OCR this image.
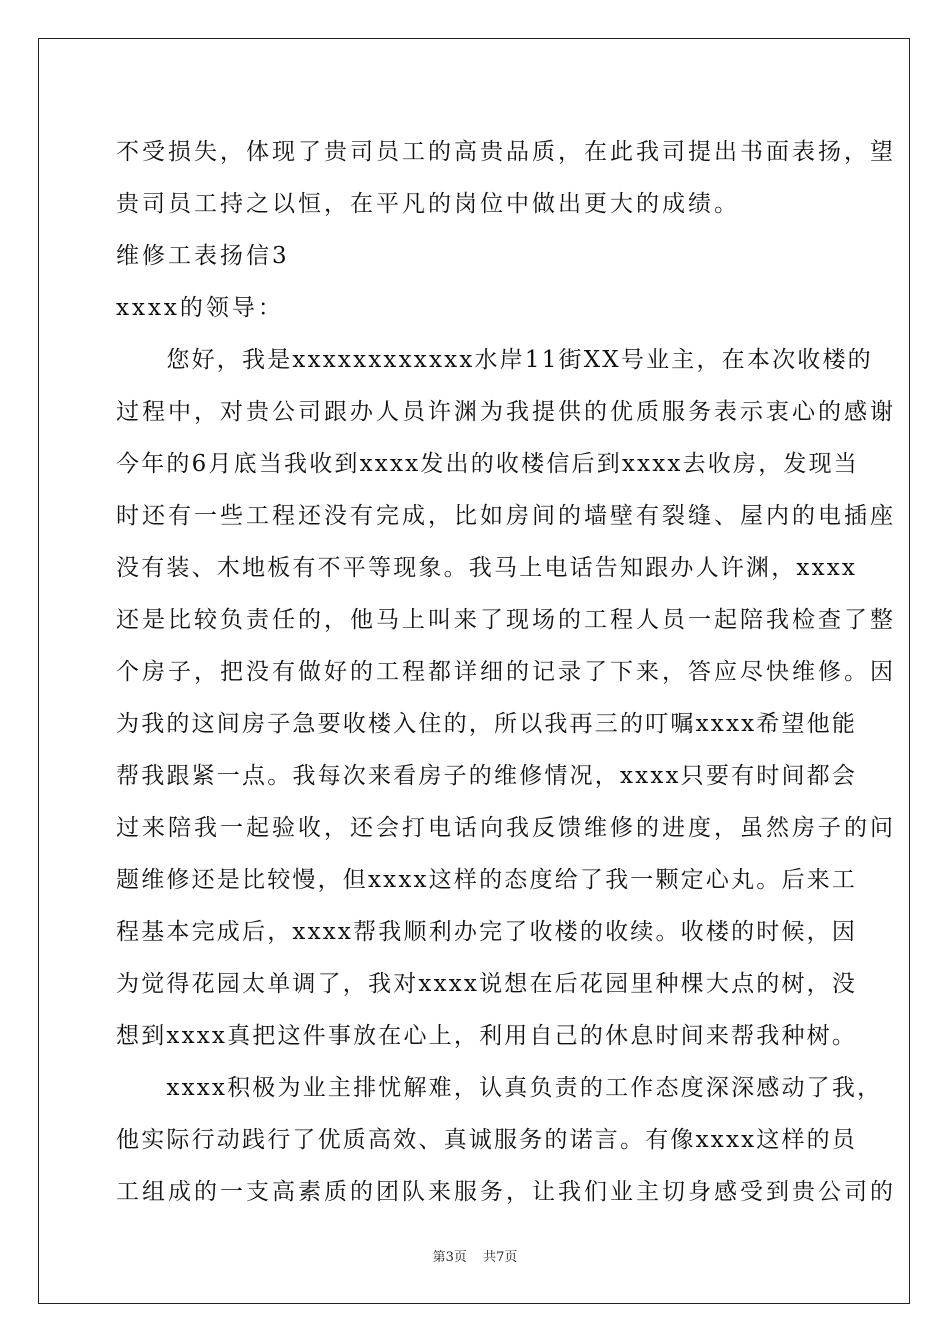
不受损失，体现了贵司员工的高贵品质，在此我司提出书面表扬，望
贵司员工持之以恒，在平凡的岗位中做出更大的成绩。
维修工表扬信3
xxxx的领导：
　　您好，我是xxxxxxxxxxxx水岸11街XX号业主，在本次收楼的
过程中，对贵公司跟办人员许渊为我提供的优质服务表示衷心的感谢
今年的6月底当我收到xxxx发出的收楼信后到xxxx去收房，发现当
时还有一些工程还没有完成，比如房间的墙壁有裂缝、屋内的电插座
没有装、木地板有不平等现象。我马上电话告知跟办人许渊，xxxx
还是比较负责任的，他马上叫来了现场的工程人员一起陪我检查了整
个房子，把没有做好的工程都详细的记录了下来，答应尽快维修。因
为我的这间房子急要收楼入住的，所以我再三的叮嘱xxxx希望他能
帮我跟紧一点。我每次来看房子的维修情况，xxxx只要有时间都会
过来陪我一起验收，还会打电话向我反馈维修的进度，虽然房子的问
题维修还是比较慢，但xxxx这样的态度给了我一颗定心丸。后来工
程基本完成后，xxxx帮我顺利办完了收楼的收续。收楼的时候，因
为觉得花园太单调了，我对xxxx说想在后花园里种棵大点的树，没
想到xxxx真把这件事放在心上，利用自己的休息时间来帮我种树。
　　xxxx积极为业主排忧解难，认真负责的工作态度深深感动了我，
他实际行动践行了优质高效、真诚服务的诺言。有像xxxx这样的员
工组成的一支高素质的团队来服务，让我们业主切身感受到贵公司的
第3页 共7页
